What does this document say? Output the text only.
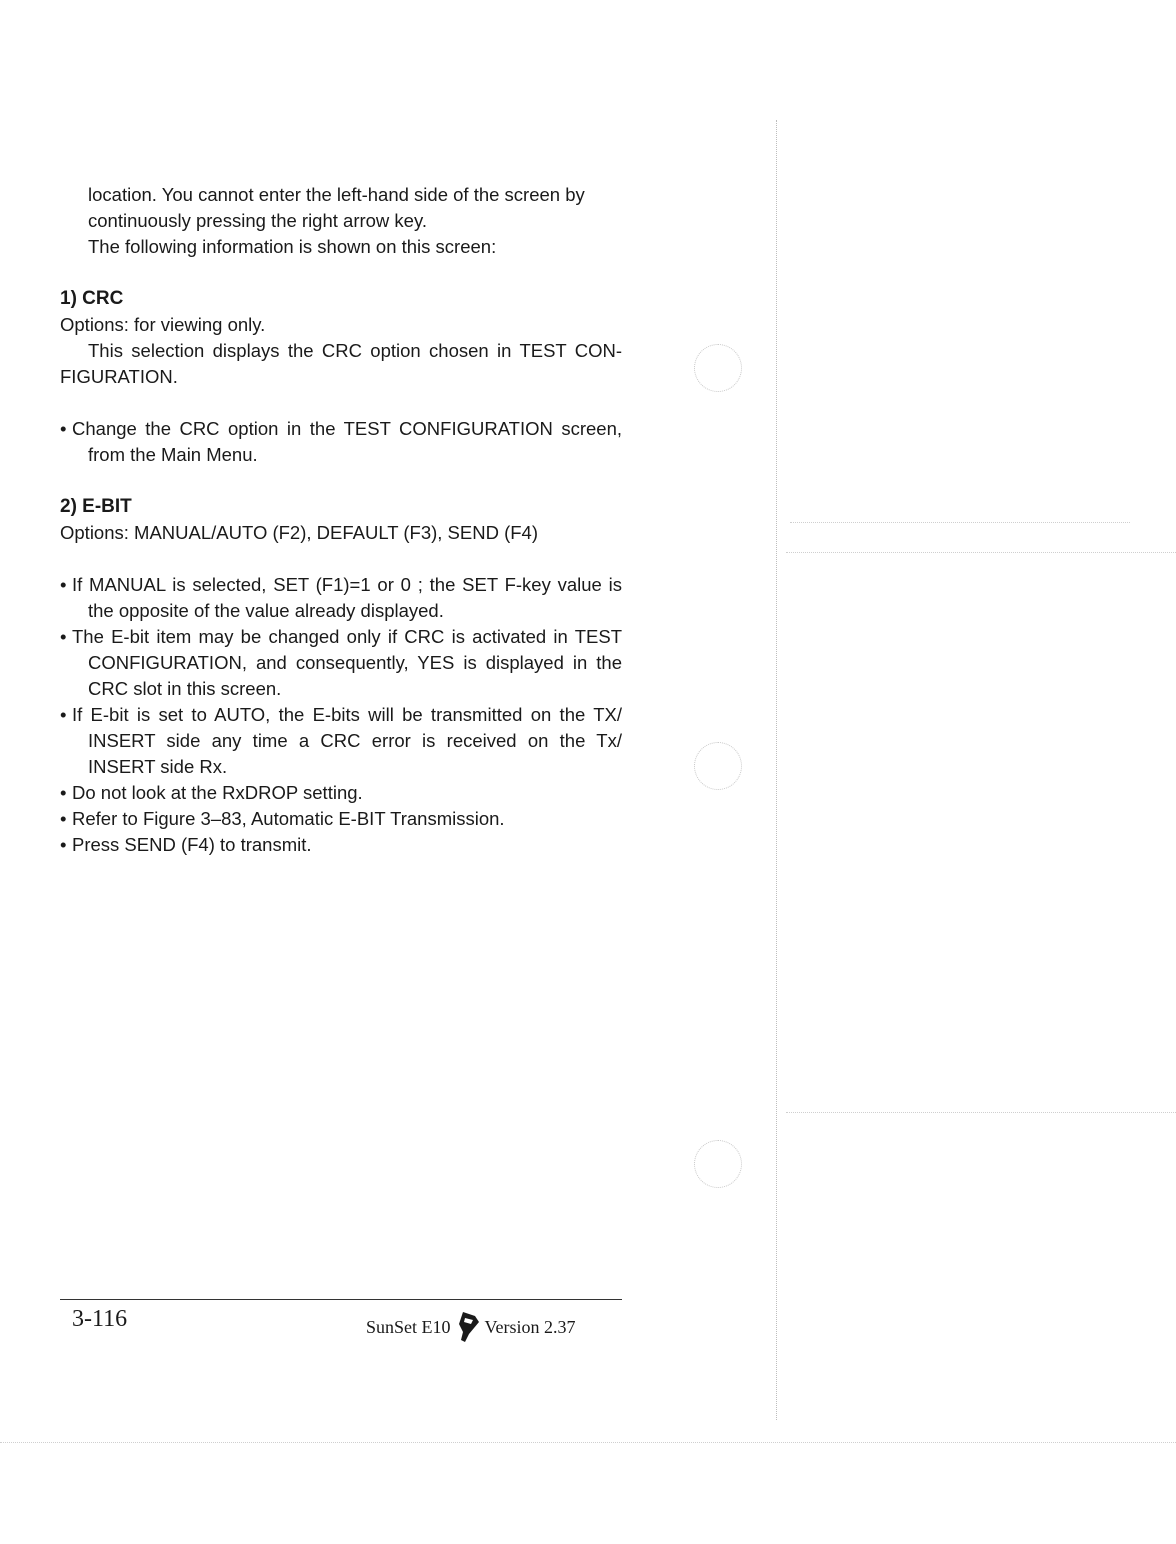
location. You cannot enter the left-hand side of the screen by

continuously pressing the right arrow key.

The following information is shown on this screen:

1) CRC

Options: for viewing only.

This selection displays the CRC option chosen in TEST CON-FIGURATION.

• Change the CRC option in the TEST CONFIGURATION screen, from the Main Menu.

2) E-BIT

Options: MANUAL/AUTO (F2), DEFAULT (F3), SEND (F4)

• If MANUAL is selected, SET (F1)=1 or 0 ; the SET F-key value is the opposite of the value already displayed.
• The E-bit item may be changed only if CRC is activated in TEST CONFIGURATION, and consequently, YES is displayed in the CRC slot in this screen.
• If E-bit is set to AUTO, the E-bits will be transmitted on the TX/ INSERT side any time a CRC error is received on the Tx/ INSERT side Rx.
• Do not look at the RxDROP setting.
• Refer to Figure 3–83, Automatic E-BIT Transmission.
• Press SEND (F4) to transmit.
3-116	SunSet E10 Version 2.37
